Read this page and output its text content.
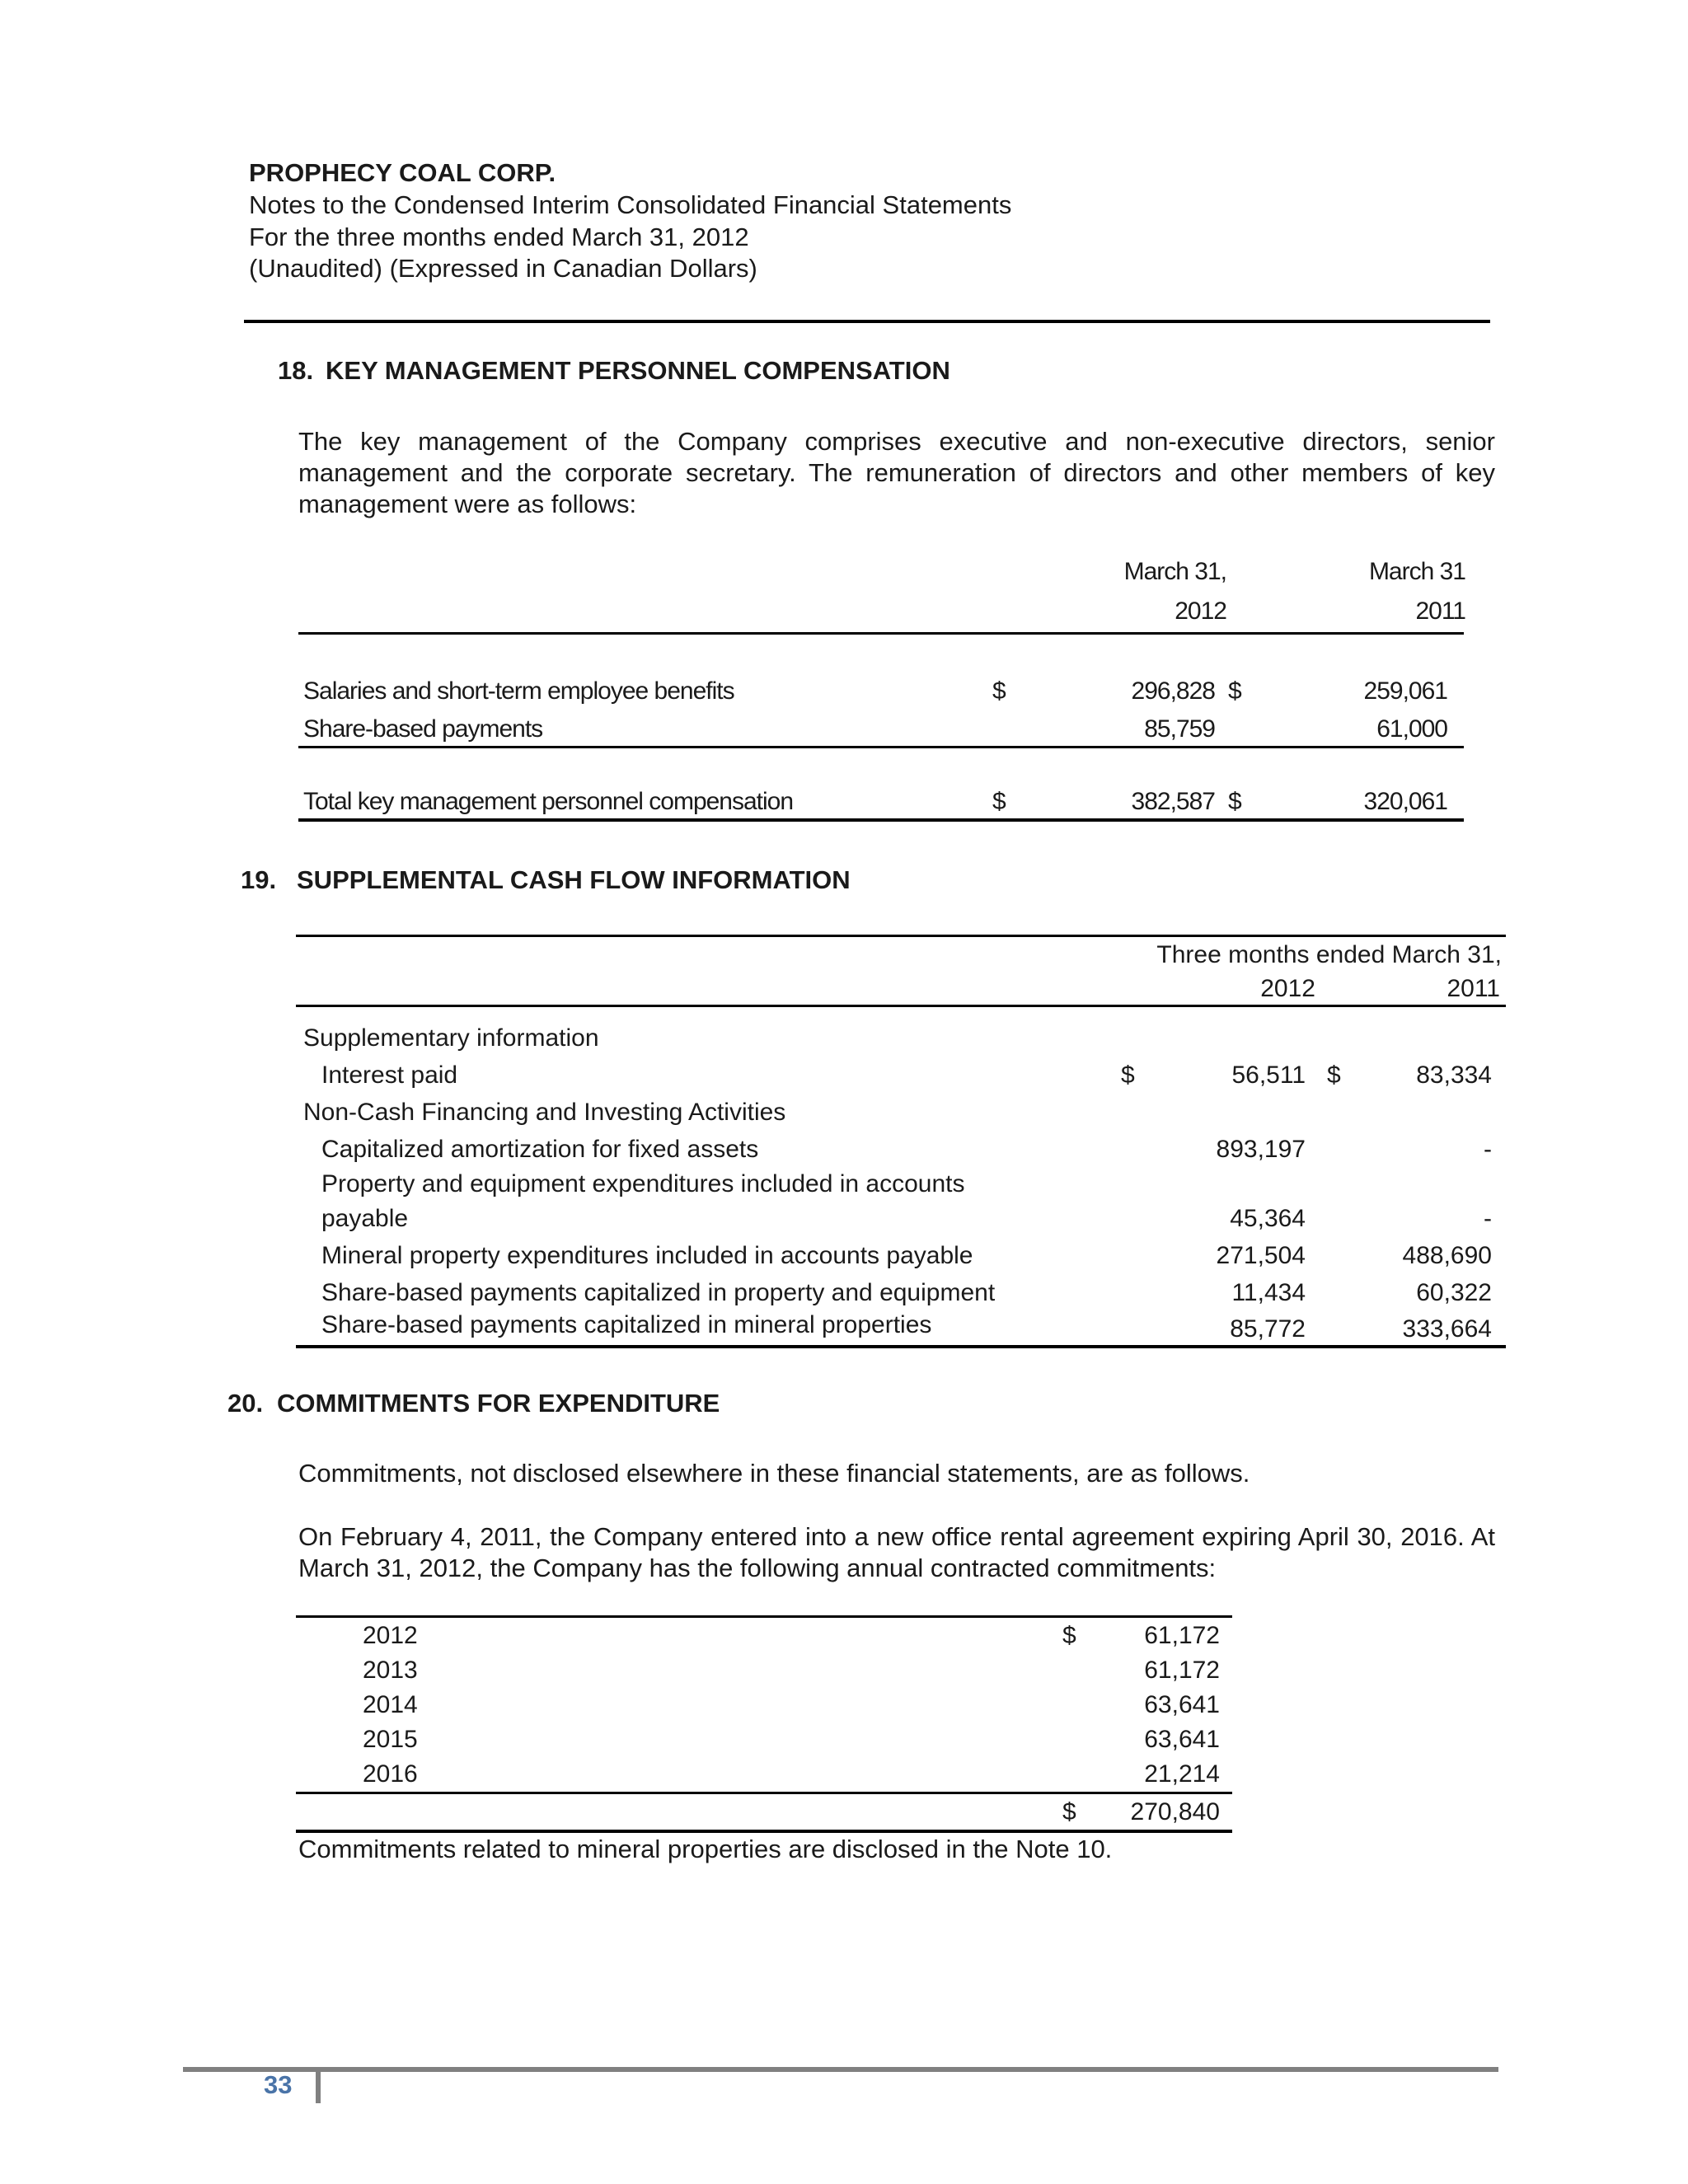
PROPHECY COAL CORP.
Notes to the Condensed Interim Consolidated Financial Statements
For the three months ended March 31, 2012
(Unaudited) (Expressed in Canadian Dollars)
18. KEY MANAGEMENT PERSONNEL COMPENSATION
The key management of the Company comprises executive and non-executive directors, senior management and the corporate secretary. The remuneration of directors and other members of key management were as follows:
March 31,
2012
March 31
2011
Salaries and short-term employee benefits	$	296,828 $	259,061
Share-based payments	85,759	61,000
Total key management personnel compensation	$	382,587 $	320,061
19. SUPPLEMENTAL CASH FLOW INFORMATION
Three months ended March 31,
2012	2011
Supplementary information
Interest paid	$	56,511 $	83,334
Non-Cash Financing and Investing Activities
Capitalized amortization for fixed assets	893,197	-
Property and equipment expenditures included in accounts
payable	45,364	-
Mineral property expenditures included in accounts payable	271,504	488,690
Share-based payments capitalized in property and equipment	11,434	60,322
Share-based payments capitalized in mineral properties	85,772	333,664
20. COMMITMENTS FOR EXPENDITURE
Commitments, not disclosed elsewhere in these financial statements, are as follows.
On February 4, 2011, the Company entered into a new office rental agreement expiring April 30, 2016. At March 31, 2012, the Company has the following annual contracted commitments:
2012	$	61,172
2013	61,172
2014	63,641
2015	63,641
2016	21,214
$	270,840
Commitments related to mineral properties are disclosed in the Note 10.
33
